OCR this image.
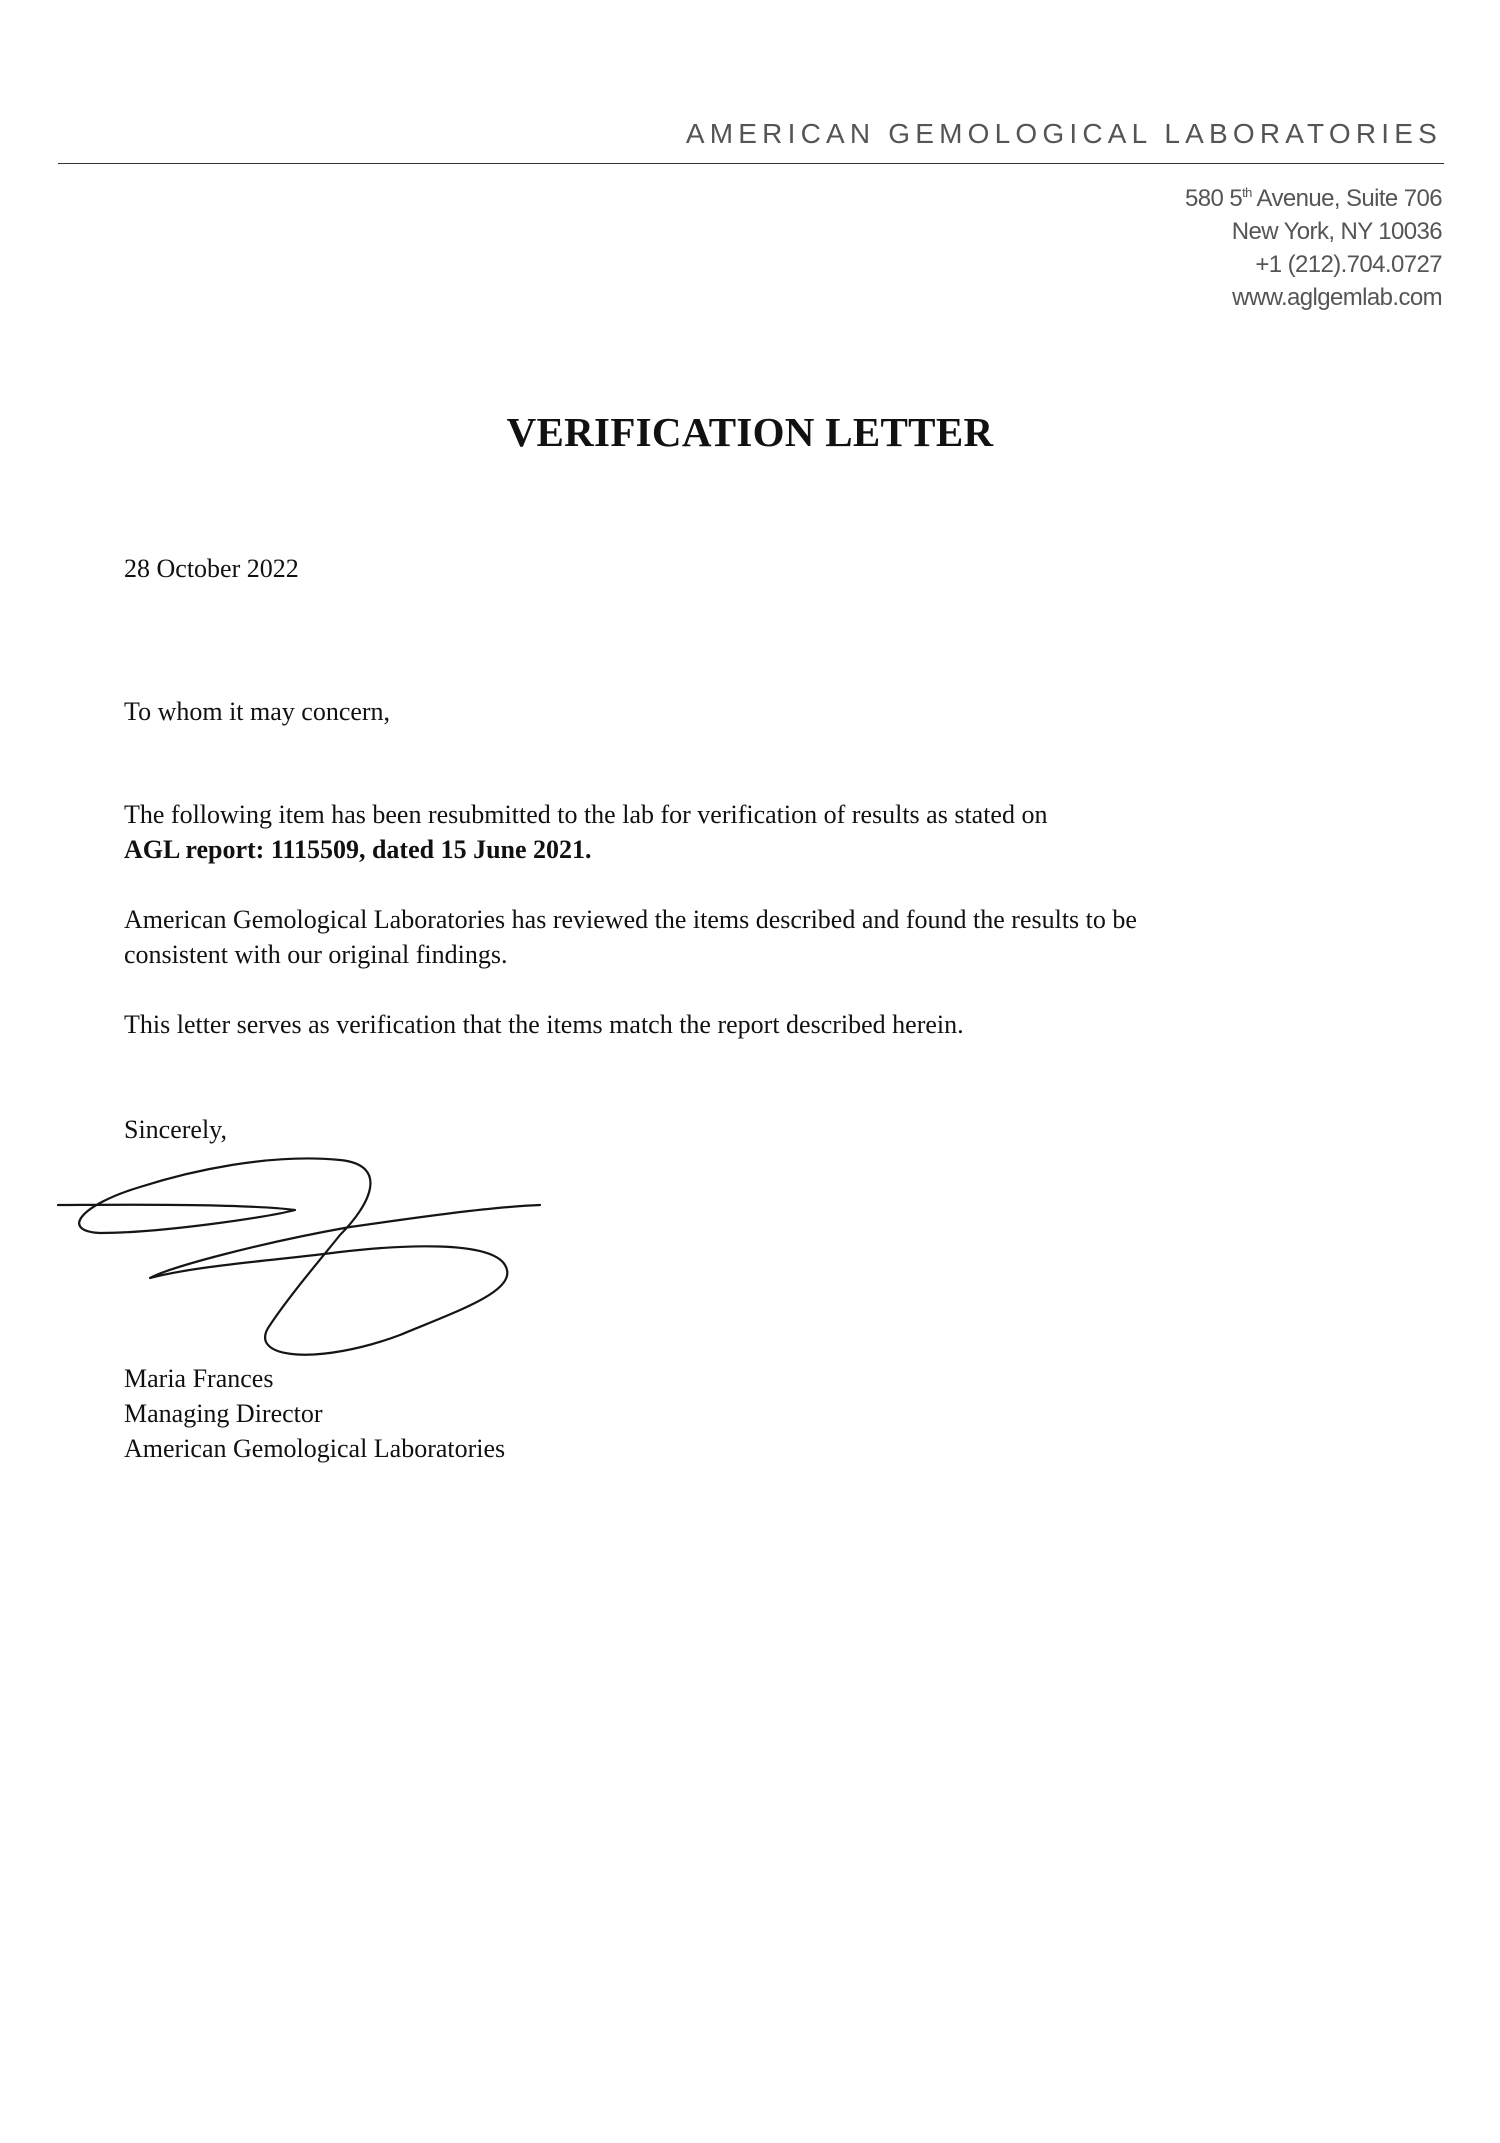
AMERICAN GEMOLOGICAL LABORATORIES
580 5th Avenue, Suite 706
New York, NY 10036
+1 (212).704.0727
www.aglgemlab.com
VERIFICATION LETTER
28 October 2022
To whom it may concern,
The following item has been resubmitted to the lab for verification of results as stated on
AGL report: 1115509, dated 15 June 2021.
American Gemological Laboratories has reviewed the items described and found the results to be
consistent with our original findings.
This letter serves as verification that the items match the report described herein.
Sincerely,
Maria Frances
Managing Director
American Gemological Laboratories
